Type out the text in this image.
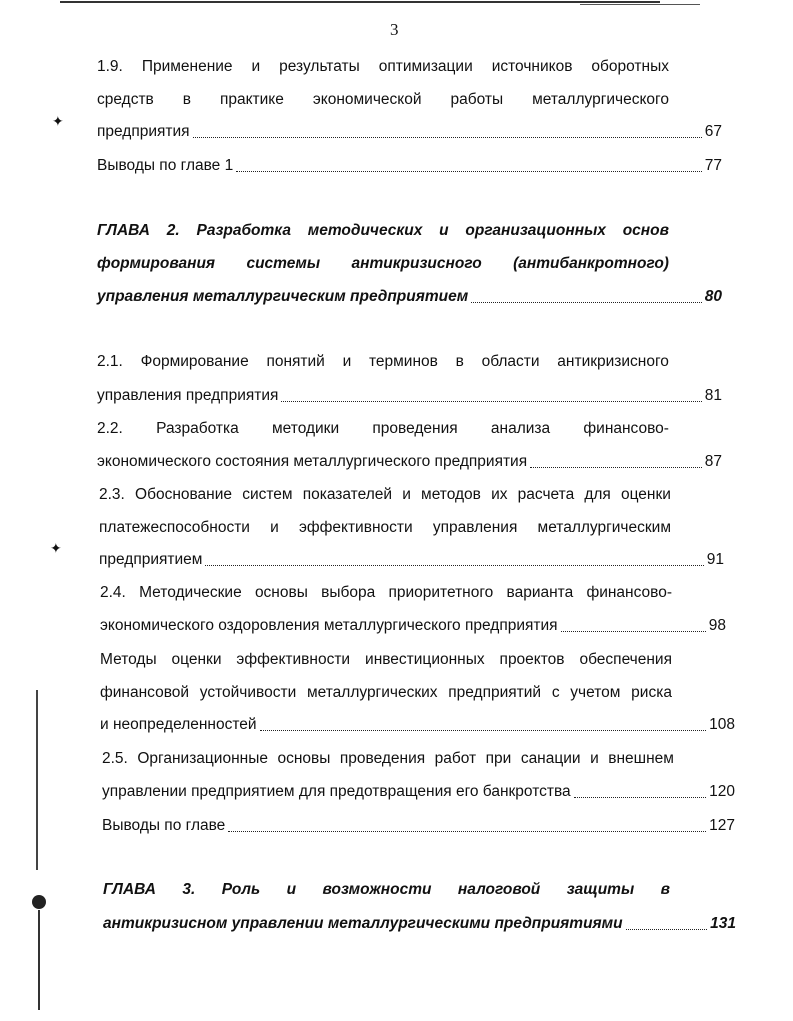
3
✦
✦
1.9. Применение и результаты оптимизации источников оборотных
средств в практике экономической работы металлургического
предприятия	67
Выводы по главе 1	77
ГЛАВА 2. Разработка методических и организационных основ
формирования системы антикризисного (антибанкротного)
управления металлургическим предприятием	80
2.1. Формирование понятий и терминов в области антикризисного
управления предприятия	81
2.2. Разработка методики проведения анализа финансово-
экономического состояния металлургического предприятия	87
2.3. Обоснование систем показателей и методов их расчета для оценки
платежеспособности и эффективности управления металлургическим
предприятием	91
2.4. Методические основы выбора приоритетного варианта финансово-
экономического оздоровления металлургического предприятия	98
Методы оценки эффективности инвестиционных проектов обеспечения
финансовой устойчивости металлургических предприятий с учетом риска
и неопределенностей	108
2.5. Организационные основы проведения работ при санации и внешнем
управлении предприятием для предотвращения его банкротства	120
Выводы по главе	127
ГЛАВА 3. Роль и возможности налоговой защиты в
антикризисном управлении металлургическими предприятиями	131
